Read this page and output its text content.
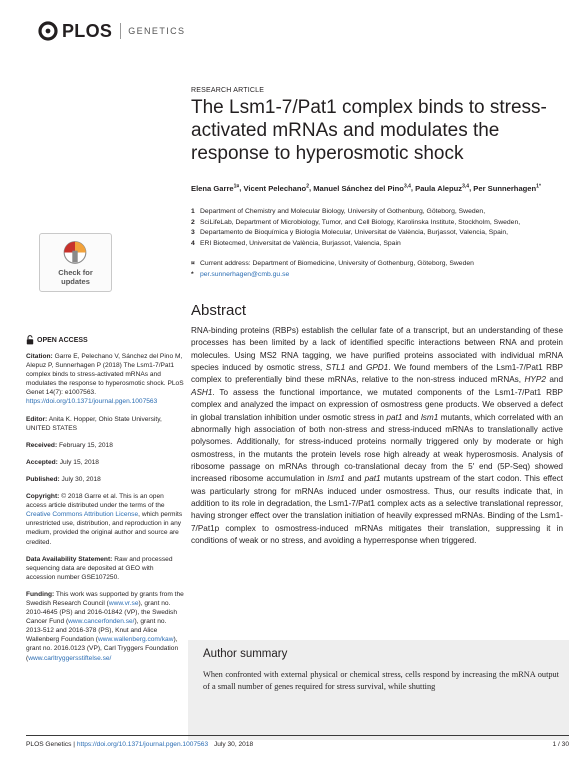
PLOS GENETICS
Check for
updates
OPEN ACCESS

Citation: Garre E, Pelechano V, Sánchez del Pino M, Alepuz P, Sunnerhagen P (2018) The Lsm1-7/Pat1 complex binds to stress-activated mRNAs and modulates the response to hyperosmotic shock. PLoS Genet 14(7): e1007563. https://doi.org/10.1371/journal.pgen.1007563

Editor: Anita K. Hopper, Ohio State University, UNITED STATES

Received: February 15, 2018

Accepted: July 15, 2018

Published: July 30, 2018

Copyright: © 2018 Garre et al. This is an open access article distributed under the terms of the Creative Commons Attribution License, which permits unrestricted use, distribution, and reproduction in any medium, provided the original author and source are credited.

Data Availability Statement: Raw and processed sequencing data are deposited at GEO with accession number GSE107250.

Funding: This work was supported by grants from the Swedish Research Council (www.vr.se), grant no. 2010-4645 (PS) and 2016-01842 (VP), the Swedish Cancer Fund (www.cancerfonden.se/), grant no. 2013-512 and 2016-378 (PS), Knut and Alice Wallenberg Foundation (www.wallenberg.com/kaw), grant no. 2016.0123 (VP), Carl Tryggers Foundation (www.carltryggersstiftelse.se/

RESEARCH ARTICLE
The Lsm1-7/Pat1 complex binds to stress-activated mRNAs and modulates the response to hyperosmotic shock
Elena Garre$^{1¤}$, Vicent Pelechano$^2$, Manuel Sánchez del Pino$^{3,4}$, Paula Alepuz$^{3,4}$, Per Sunnerhagen$^{1*}$
1 Department of Chemistry and Molecular Biology, University of Gothenburg, Göteborg, Sweden,
2 SciLifeLab, Department of Microbiology, Tumor, and Cell Biology, Karolinska Institute, Stockholm, Sweden,
3 Departamento de Bioquímica y Biología Molecular, Universitat de València, Burjassot, Valencia, Spain,
4 ERI Biotecmed, Universitat de València, Burjassot, Valencia, Spain
¤ Current address: Department of Biomedicine, University of Gothenburg, Göteborg, Sweden
* per.sunnerhagen@cmb.gu.se
Abstract

RNA-binding proteins (RBPs) establish the cellular fate of a transcript, but an understanding of these processes has been limited by a lack of identified specific interactions between RNA and protein molecules. Using MS2 RNA tagging, we have purified proteins associated with individual mRNA species induced by osmotic stress, STL1 and GPD1. We found members of the Lsm1-7/Pat1 RBP complex to preferentially bind these mRNAs, relative to the non-stress induced mRNAs, HYP2 and ASH1. To assess the functional importance, we mutated components of the Lsm1-7/Pat1 RBP complex and analyzed the impact on expression of osmostress gene products. We observed a defect in global translation inhibition under osmotic stress in pat1 and lsm1 mutants, which correlated with an abnormally high association of both non-stress and stress-induced mRNAs to translationally active polysomes. Additionally, for stress-induced proteins normally triggered only by moderate or high osmostress, in the mutants the protein levels rose high already at weak hyperosmosis. Analysis of ribosome passage on mRNAs through co-translational decay from the 5′ end (5P-Seq) showed increased ribosome accumulation in lsm1 and pat1 mutants upstream of the start codon. This effect was particularly strong for mRNAs induced under osmostress. Thus, our results indicate that, in addition to its role in degradation, the Lsm1-7/Pat1 complex acts as a selective translational repressor, having stronger effect over the translation initiation of heavily expressed mRNAs. Binding of the Lsm1-7/Pat1p complex to osmostress-induced mRNAs mitigates their translation, suppressing it in conditions of weak or no stress, and avoiding a hyperresponse when triggered.

Author summary

When confronted with external physical or chemical stress, cells respond by increasing the mRNA output of a small number of genes required for stress survival, while shutting

PLOS Genetics | https://doi.org/10.1371/journal.pgen.1007563 July 30, 2018	1 / 30
